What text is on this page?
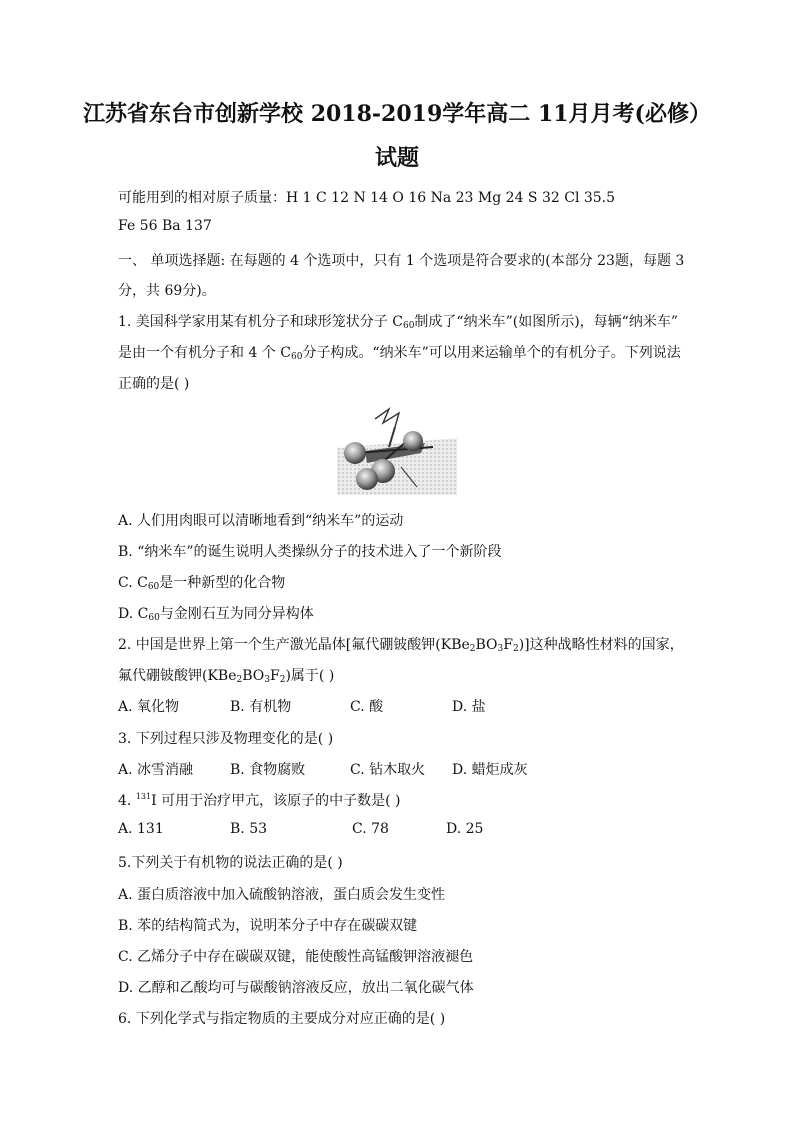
江苏省东台市创新学校 2018-2019学年高二 11月月考(必修）
试题
可能用到的相对原子质量：H 1 C 12 N 14 O 16 Na 23 Mg 24 S 32 Cl 35.5
Fe 56 Ba 137
一、 单项选择题: 在每题的 4 个选项中，只有 1 个选项是符合要求的(本部分 23题，每题 3
分，共 69分)。
1. 美国科学家用某有机分子和球形笼状分子 $C_{60}$制成了“纳米车”(如图所示)，每辆“纳米车”
是由一个有机分子和 4 个 $C_{60}$分子构成。“纳米车”可以用来运输单个的有机分子。下列说法
正确的是( )
A. 人们用肉眼可以清晰地看到“纳米车”的运动
B. “纳米车”的诞生说明人类操纵分子的技术进入了一个新阶段
C. $C_{60}$是一种新型的化合物
D. $C_{60}$与金刚石互为同分异构体
2. 中国是世界上第一个生产激光晶体[氟代硼铍酸钾$(KBe_2BO_3F_2)$]这种战略性材料的国家，
氟代硼铍酸钾$(KBe_2BO_3F_2)$属于( )
A. 氧化物	B. 有机物	C. 酸	D. 盐
3. 下列过程只涉及物理变化的是( )
A. 冰雪消融	B. 食物腐败	C. 钻木取火 D. 蜡炬成灰
4. $^{131}$I 可用于治疗甲亢，该原子的中子数是( )
A. 131	B. 53	C. 78	D. 25
5.下列关于有机物的说法正确的是( )
A. 蛋白质溶液中加入硫酸钠溶液，蛋白质会发生变性
B. 苯的结构简式为，说明苯分子中存在碳碳双键
C. 乙烯分子中存在碳碳双键，能使酸性高锰酸钾溶液褪色
D. 乙醇和乙酸均可与碳酸钠溶液反应，放出二氧化碳气体
6. 下列化学式与指定物质的主要成分对应正确的是( )
